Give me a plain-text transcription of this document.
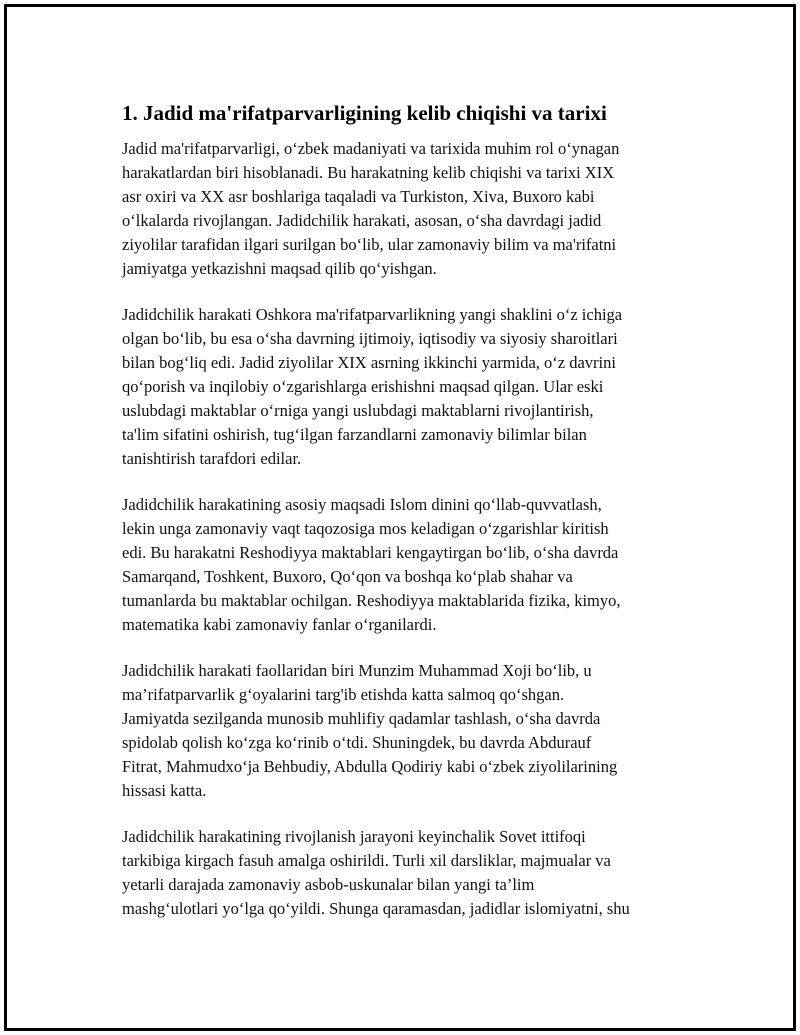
1. Jadid ma'rifatparvarligining kelib chiqishi va tarixi
Jadid ma'rifatparvarligi, o‘zbek madaniyati va tarixida muhim rol o‘ynagan
harakatlardan biri hisoblanadi. Bu harakatning kelib chiqishi va tarixi XIX
asr oxiri va XX asr boshlariga taqaladi va Turkiston, Xiva, Buxoro kabi
o‘lkalarda rivojlangan. Jadidchilik harakati, asosan, o‘sha davrdagi jadid
ziyolilar tarafidan ilgari surilgan bo‘lib, ular zamonaviy bilim va ma'rifatni
jamiyatga yetkazishni maqsad qilib qo‘yishgan.
Jadidchilik harakati Oshkora ma'rifatparvarlikning yangi shaklini o‘z ichiga
olgan bo‘lib, bu esa o‘sha davrning ijtimoiy, iqtisodiy va siyosiy sharoitlari
bilan bog‘liq edi. Jadid ziyolilar XIX asrning ikkinchi yarmida, o‘z davrini
qo‘porish va inqilobiy o‘zgarishlarga erishishni maqsad qilgan. Ular eski
uslubdagi maktablar o‘rniga yangi uslubdagi maktablarni rivojlantirish,
ta'lim sifatini oshirish, tug‘ilgan farzandlarni zamonaviy bilimlar bilan
tanishtirish tarafdori edilar.
Jadidchilik harakatining asosiy maqsadi Islom dinini qo‘llab-quvvatlash,
lekin unga zamonaviy vaqt taqozosiga mos keladigan o‘zgarishlar kiritish
edi. Bu harakatni Reshodiyya maktablari kengaytirgan bo‘lib, o‘sha davrda
Samarqand, Toshkent, Buxoro, Qo‘qon va boshqa ko‘plab shahar va
tumanlarda bu maktablar ochilgan. Reshodiyya maktablarida fizika, kimyo,
matematika kabi zamonaviy fanlar o‘rganilardi.
Jadidchilik harakati faollaridan biri Munzim Muhammad Xoji bo‘lib, u
ma’rifatparvarlik g‘oyalarini targ'ib etishda katta salmoq qo‘shgan.
Jamiyatda sezilganda munosib muhlifiy qadamlar tashlash, o‘sha davrda
spidolab qolish ko‘zga ko‘rinib o‘tdi. Shuningdek, bu davrda Abdurauf
Fitrat, Mahmudxo‘ja Behbudiy, Abdulla Qodiriy kabi o‘zbek ziyolilarining
hissasi katta.
Jadidchilik harakatining rivojlanish jarayoni keyinchalik Sovet ittifoqi
tarkibiga kirgach fasuh amalga oshirildi. Turli xil darsliklar, majmualar va
yetarli darajada zamonaviy asbob-uskunalar bilan yangi ta’lim
mashg‘ulotlari yo‘lga qo‘yildi. Shunga qaramasdan, jadidlar islomiyatni, shu
